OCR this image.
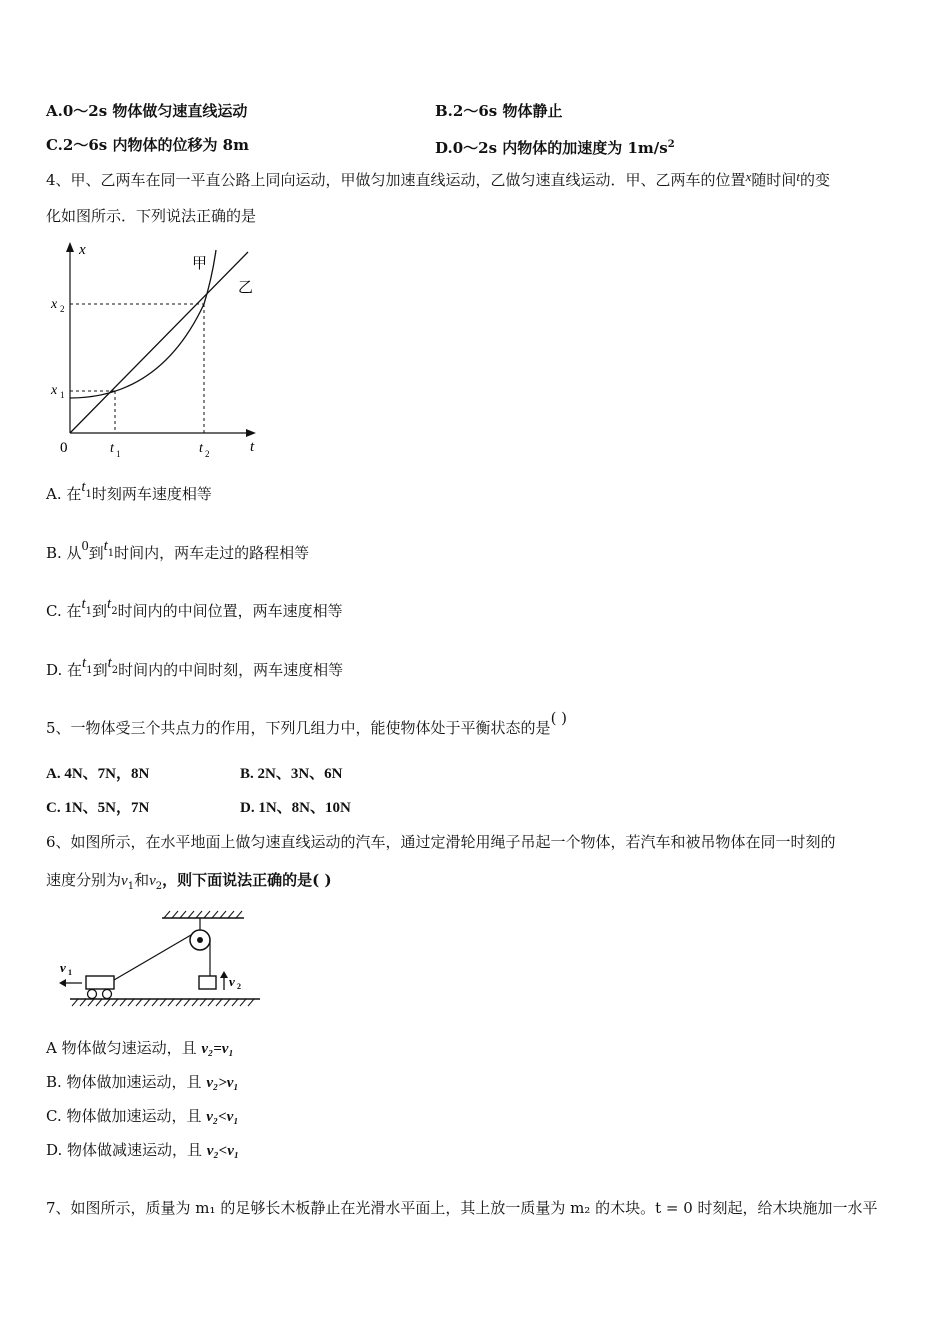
A.0～2s 物体做匀速直线运动	B.2～6s 物体静止
C.2～6s 内物体的位移为 8m	D.0～2s 内物体的加速度为 $1m/s^2$
4、甲、乙两车在同一平直公路上同向运动，甲做匀加速直线运动，乙做匀速直线运动．甲、乙两车的位置x随时间t的变
化如图所示．下列说法正确的是
x
t
x 2
x 1
0	t 1	t 2
甲
乙
A. 在$t_1$时刻两车速度相等
B. 从0到$t_1$时间内，两车走过的路程相等
C. 在$t_1$到$t_2$时间内的中间位置，两车速度相等
D. 在$t_1$到$t_2$时间内的中间时刻，两车速度相等
5、一物体受三个共点力的作用，下列几组力中，能使物体处于平衡状态的是( )
A. 4N、7N，8N	B. 2N、3N、6N
C. 1N、5N，7N	D. 1N、8N、10N
6、如图所示，在水平地面上做匀速直线运动的汽车，通过定滑轮用绳子吊起一个物体，若汽车和被吊物体在同一时刻的
速度分别为$v_1$和$v_2$，则下面说法正确的是( )
v 2
v 1
A 物体做匀速运动，且 v₂=v₁
B. 物体做加速运动，且 v₂>v₁
C. 物体做加速运动，且 v₂<v₁
D. 物体做减速运动，且 v₂<v₁
7、如图所示，质量为 m₁ 的足够长木板静止在光滑水平面上，其上放一质量为 m₂ 的木块。t = 0 时刻起，给木块施加一水平
